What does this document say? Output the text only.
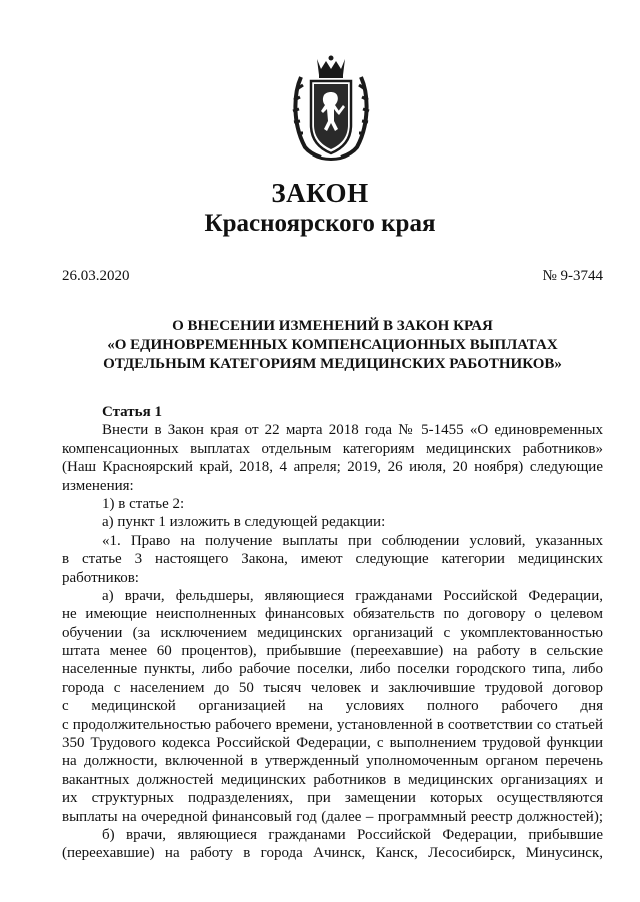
ЗАКОН
Красноярского края
26.03.2020	№ 9-3744
О ВНЕСЕНИИ ИЗМЕНЕНИЙ В ЗАКОН КРАЯ
«О ЕДИНОВРЕМЕННЫХ КОМПЕНСАЦИОННЫХ ВЫПЛАТАХ
ОТДЕЛЬНЫМ КАТЕГОРИЯМ МЕДИЦИНСКИХ РАБОТНИКОВ»
Статья 1
Внести в Закон края от 22 марта 2018 года № 5-1455 «О единовременных
компенсационных выплатах отдельным категориям медицинских работников»
(Наш Красноярский край, 2018, 4 апреля; 2019, 26 июля, 20 ноября) следующие
изменения:
1) в статье 2:
а) пункт 1 изложить в следующей редакции:
«1. Право на получение выплаты при соблюдении условий, указанных
в статье 3 настоящего Закона, имеют следующие категории медицинских
работников:
а) врачи, фельдшеры, являющиеся гражданами Российской Федерации,
не имеющие неисполненных финансовых обязательств по договору о целевом
обучении (за исключением медицинских организаций с укомплектованностью
штата менее 60 процентов), прибывшие (переехавшие) на работу в сельские
населенные пункты, либо рабочие поселки, либо поселки городского типа, либо
города с населением до 50 тысяч человек и заключившие трудовой договор
с медицинской организацией на условиях полного рабочего дня
с продолжительностью рабочего времени, установленной в соответствии со статьей
350 Трудового кодекса Российской Федерации, с выполнением трудовой функции
на должности, включенной в утвержденный уполномоченным органом перечень
вакантных должностей медицинских работников в медицинских организациях и
их структурных подразделениях, при замещении которых осуществляются
выплаты на очередной финансовый год (далее – программный реестр должностей);
б) врачи, являющиеся гражданами Российской Федерации, прибывшие
(переехавшие) на работу в города Ачинск, Канск, Лесосибирск, Минусинск,
